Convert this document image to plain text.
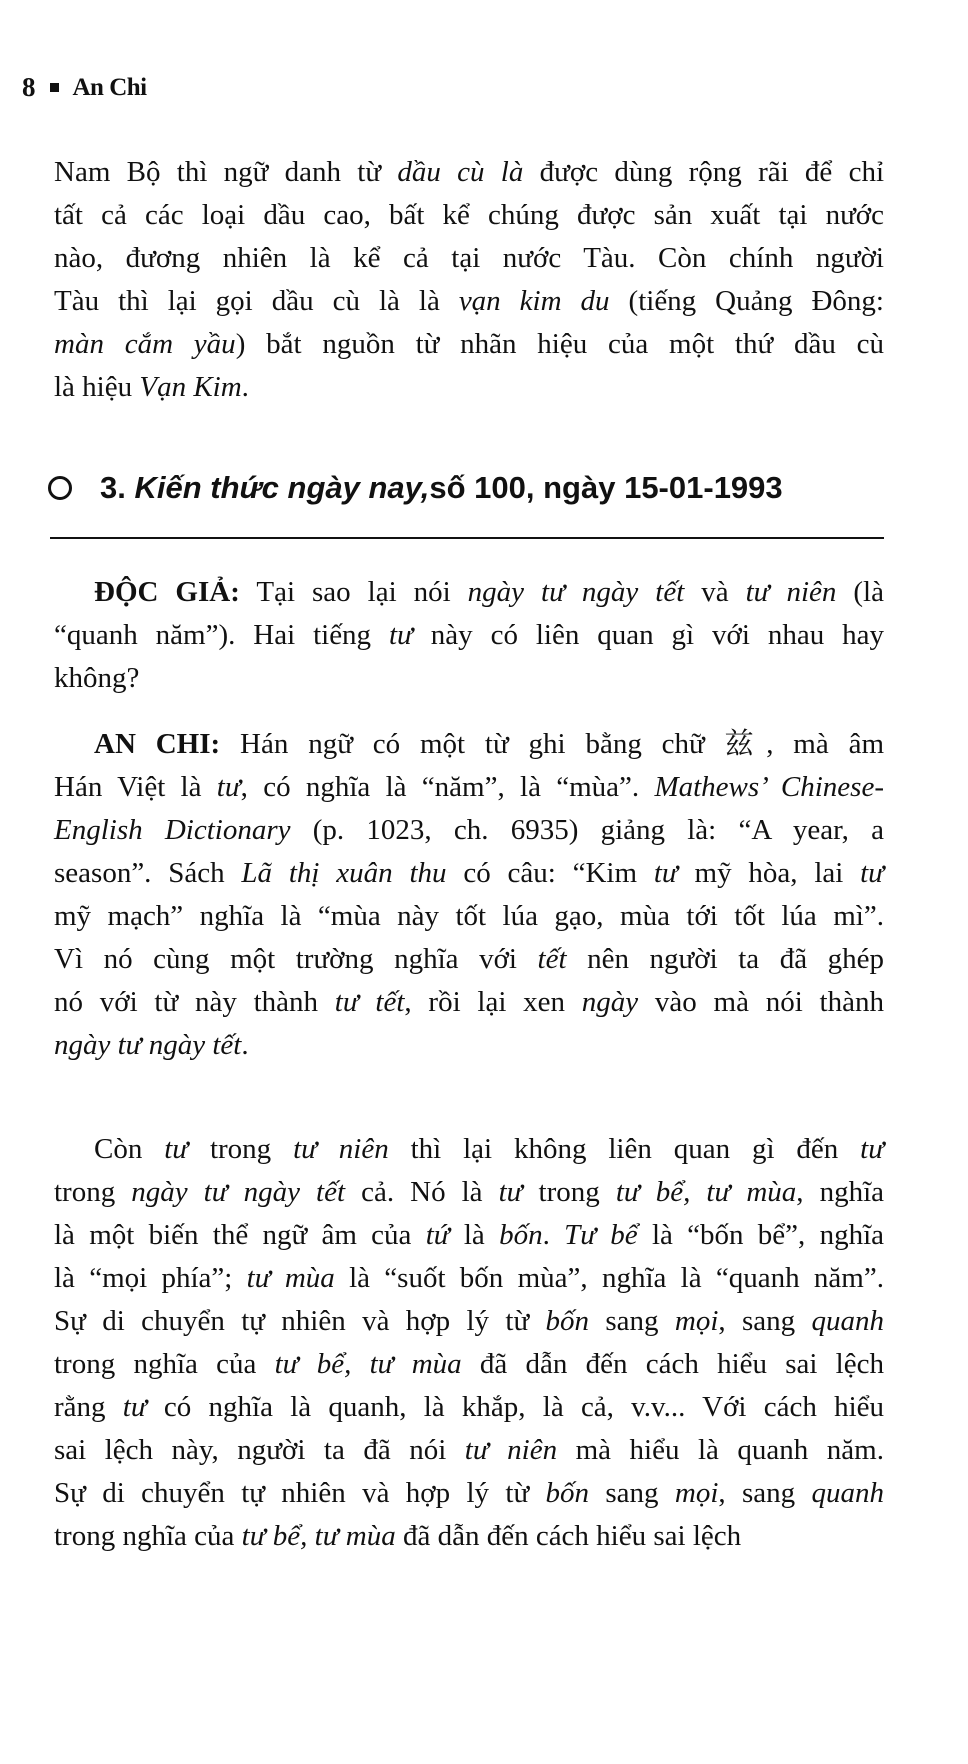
8 An Chi
Nam Bộ thì ngữ danh từ dầu cù là được dùng rộng rãi để chỉ
tất cả các loại dầu cao, bất kể chúng được sản xuất tại nước
nào, đương nhiên là kể cả tại nước Tàu. Còn chính người
Tàu thì lại gọi dầu cù là là vạn kim du (tiếng Quảng Đông:
màn cắm yầu) bắt nguồn từ nhãn hiệu của một thứ dầu cù
là hiệu Vạn Kim.
3.
Kiến thức ngày nay, số 100, ngày 15-01-1993
ĐỘC GIẢ: Tại sao lại nói ngày tư ngày tết và tư niên (là
“quanh năm”). Hai tiếng tư này có liên quan gì với nhau hay
không?
AN CHI: Hán ngữ có một từ ghi bằng chữ 兹, mà âm
Hán Việt là tư, có nghĩa là “năm”, là “mùa”. Mathews’ Chinese-
English Dictionary (p. 1023, ch. 6935) giảng là: “A year, a
season”. Sách Lã thị xuân thu có câu: “Kim tư mỹ hòa, lai tư
mỹ mạch” nghĩa là “mùa này tốt lúa gạo, mùa tới tốt lúa mì”.
Vì nó cùng một trường nghĩa với tết nên người ta đã ghép
nó với từ này thành tư tết, rồi lại xen ngày vào mà nói thành
ngày tư ngày tết.
Còn tư trong tư niên thì lại không liên quan gì đến tư
trong ngày tư ngày tết cả. Nó là tư trong tư bể, tư mùa, nghĩa
là một biến thể ngữ âm của tứ là bốn. Tư bể là “bốn bể”, nghĩa
là “mọi phía”; tư mùa là “suốt bốn mùa”, nghĩa là “quanh năm”.
Sự di chuyển tự nhiên và hợp lý từ bốn sang mọi, sang quanh
trong nghĩa của tư bể, tư mùa đã dẫn đến cách hiểu sai lệch
rằng tư có nghĩa là quanh, là khắp, là cả, v.v... Với cách hiểu
sai lệch này, người ta đã nói tư niên mà hiểu là quanh năm.
Sự di chuyển tự nhiên và hợp lý từ bốn sang mọi, sang quanh
trong nghĩa của tư bể, tư mùa đã dẫn đến cách hiểu sai lệch
